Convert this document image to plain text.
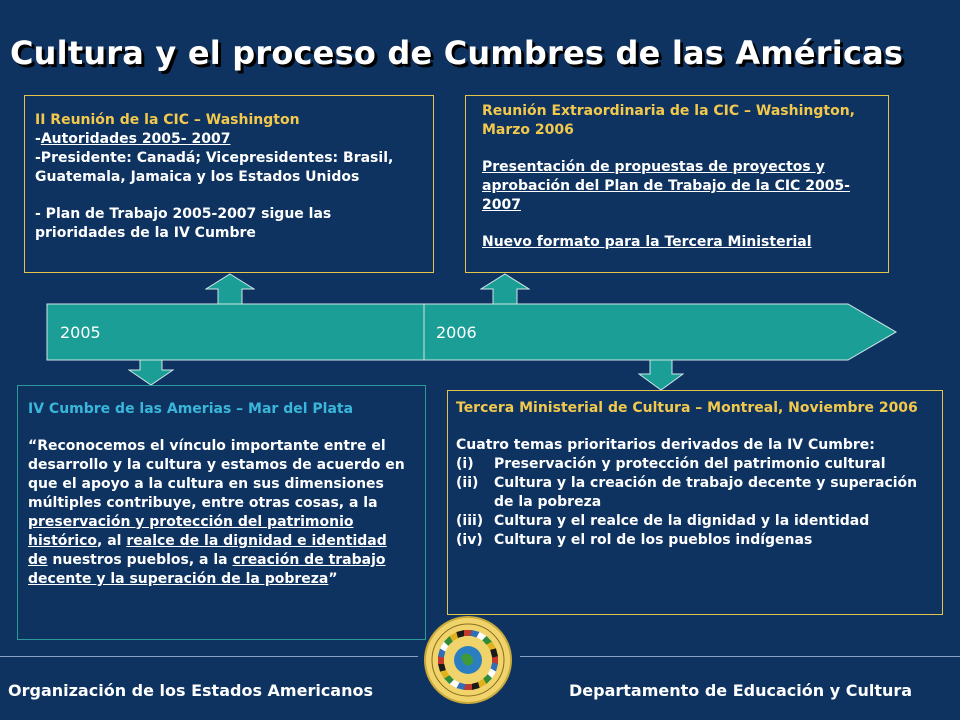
Cultura y el proceso de Cumbres de las Américas
II Reunión de la CIC – Washington
-Autoridades 2005- 2007
-Presidente: Canadá; Vicepresidentes: Brasil, Guatemala, Jamaica y los Estados Unidos
- Plan de Trabajo 2005-2007 sigue las prioridades de la IV Cumbre
Reunión Extraordinaria de la CIC – Washington, Marzo 2006
Presentación de propuestas de proyectos y aprobación del Plan de Trabajo de la CIC 2005-2007
Nuevo formato para la Tercera Ministerial
2005	2006
IV Cumbre de las Amerias – Mar del Plata
“Reconocemos el vínculo importante entre el desarrollo y la cultura y estamos de acuerdo en que el apoyo a la cultura en sus dimensiones múltiples contribuye, entre otras cosas, a la preservación y protección del patrimonio histórico, al realce de la dignidad e identidad de nuestros pueblos, a la creación de trabajo decente y la superación de la pobreza”
Tercera Ministerial de Cultura – Montreal, Noviembre 2006
Cuatro temas prioritarios derivados de la IV Cumbre:
(i)	Preservación y protección del patrimonio cultural
(ii)	Cultura y la creación de trabajo decente y superación de la pobreza
(iii) Cultura y el realce de la dignidad y la identidad
(iv) Cultura y el rol de los pueblos indígenas
Organización de los Estados Americanos	Departamento de Educación y Cultura
